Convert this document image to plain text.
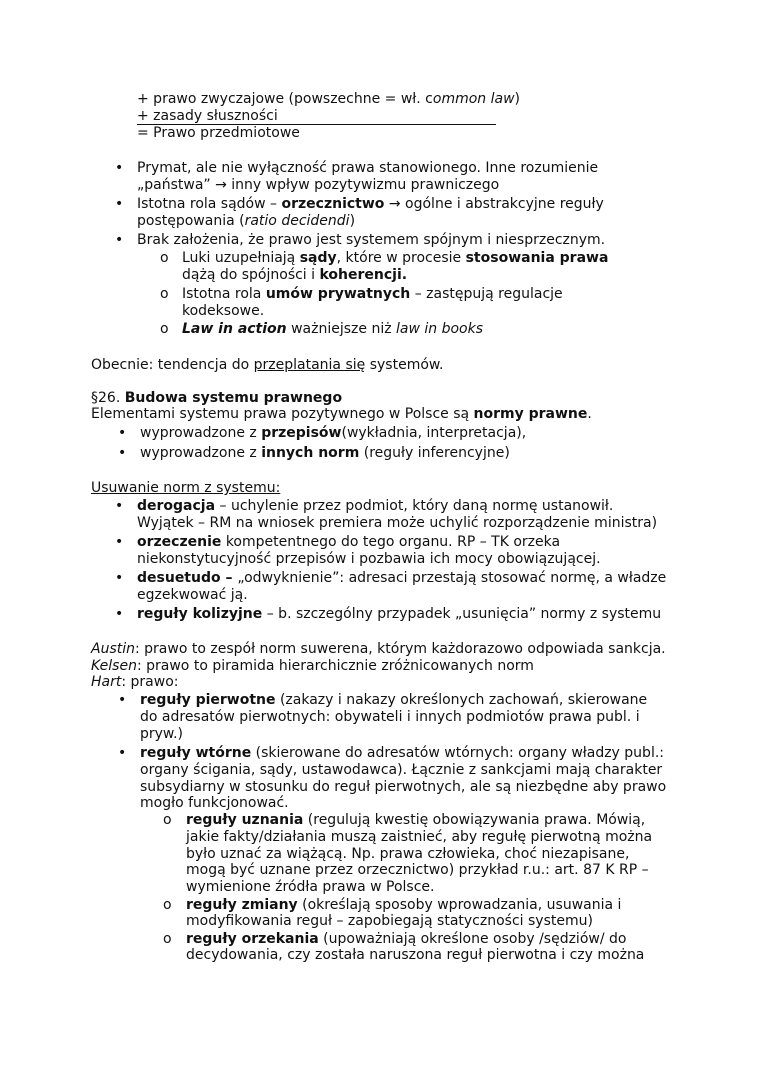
+ prawo zwyczajowe (powszechne = wł. common law)
+ zasady słuszności
= Prawo przedmiotowe
• Prymat, ale nie wyłączność prawa stanowionego. Inne rozumienie
„państwa” → inny wpływ pozytywizmu prawniczego
• Istotna rola sądów – orzecznictwo → ogólne i abstrakcyjne reguły
postępowania (ratio decidendi)
• Brak założenia, że prawo jest systemem spójnym i niesprzecznym.
o Luki uzupełniają sądy, które w procesie stosowania prawa
dążą do spójności i koherencji.
o Istotna rola umów prywatnych – zastępują regulacje
kodeksowe.
o Law in action ważniejsze niż law in books
Obecnie: tendencja do przeplatania się systemów.
§26. Budowa systemu prawnego
Elementami systemu prawa pozytywnego w Polsce są normy prawne.
• wyprowadzone z przepisów(wykładnia, interpretacja),
• wyprowadzone z innych norm (reguły inferencyjne)
Usuwanie norm z systemu:
• derogacja – uchylenie przez podmiot, który daną normę ustanowił.
Wyjątek – RM na wniosek premiera może uchylić rozporządzenie ministra)
• orzeczenie kompetentnego do tego organu. RP – TK orzeka
niekonstytucyjność przepisów i pozbawia ich mocy obowiązującej.
• desuetudo – „odwyknienie”: adresaci przestają stosować normę, a władze
egzekwować ją.
• reguły kolizyjne – b. szczególny przypadek „usunięcia” normy z systemu
Austin: prawo to zespół norm suwerena, którym każdorazowo odpowiada sankcja.
Kelsen: prawo to piramida hierarchicznie zróżnicowanych norm
Hart: prawo:
• reguły pierwotne (zakazy i nakazy określonych zachowań, skierowane
do adresatów pierwotnych: obywateli i innych podmiotów prawa publ. i
pryw.)
• reguły wtórne (skierowane do adresatów wtórnych: organy władzy publ.:
organy ścigania, sądy, ustawodawca). Łącznie z sankcjami mają charakter
subsydiarny w stosunku do reguł pierwotnych, ale są niezbędne aby prawo
mogło funkcjonować.
o reguły uznania (regulują kwestię obowiązywania prawa. Mówią,
jakie fakty/działania muszą zaistnieć, aby regułę pierwotną można
było uznać za wiążącą. Np. prawa człowieka, choć niezapisane,
mogą być uznane przez orzecznictwo) przykład r.u.: art. 87 K RP –
wymienione źródła prawa w Polsce.
o reguły zmiany (określają sposoby wprowadzania, usuwania i
modyfikowania reguł – zapobiegają statyczności systemu)
o reguły orzekania (upoważniają określone osoby /sędziów/ do
decydowania, czy została naruszona reguł pierwotna i czy można
